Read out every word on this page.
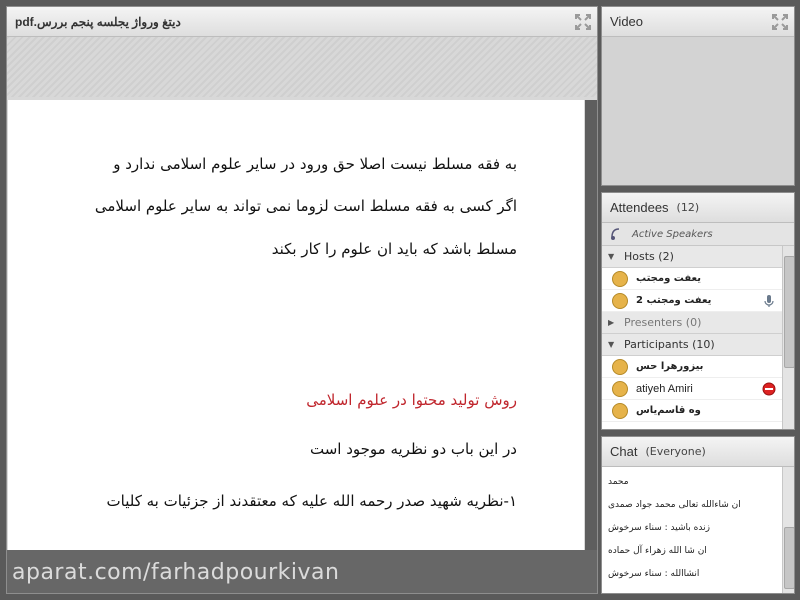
pdf.دیتغ ورواژ یجلسه پنجم بررس
به فقه مسلط نیست اصلا حق ورود در سایر علوم اسلامی ندارد و
اگر کسی به فقه مسلط است لزوما نمی تواند به سایر علوم اسلامی
مسلط باشد که باید ان علوم را کار بکند
روش تولید محتوا در علوم اسلامی
در این باب دو نظریه موجود است
۱-نظریه شهید صدر رحمه الله علیه که معتقدند از جزئیات به کلیات
aparat.com/farhadpourkivan
Video
Attendees (12)
Active Speakers
▼ Hosts (2)
یعفت ومجتب
2 یعفت ومجتب
▶ Presenters (0)
▼ Participants (10)
بیزورهرا حس
atiyeh Amiri
وه قاسم‌یاس
Chat (Everyone)
محمد
ان شاءالله تعالی محمد جواد صمدی
زنده باشید : سناء سرخوش
ان شا الله زهراء آل حماده
انشاالله : سناء سرخوش
